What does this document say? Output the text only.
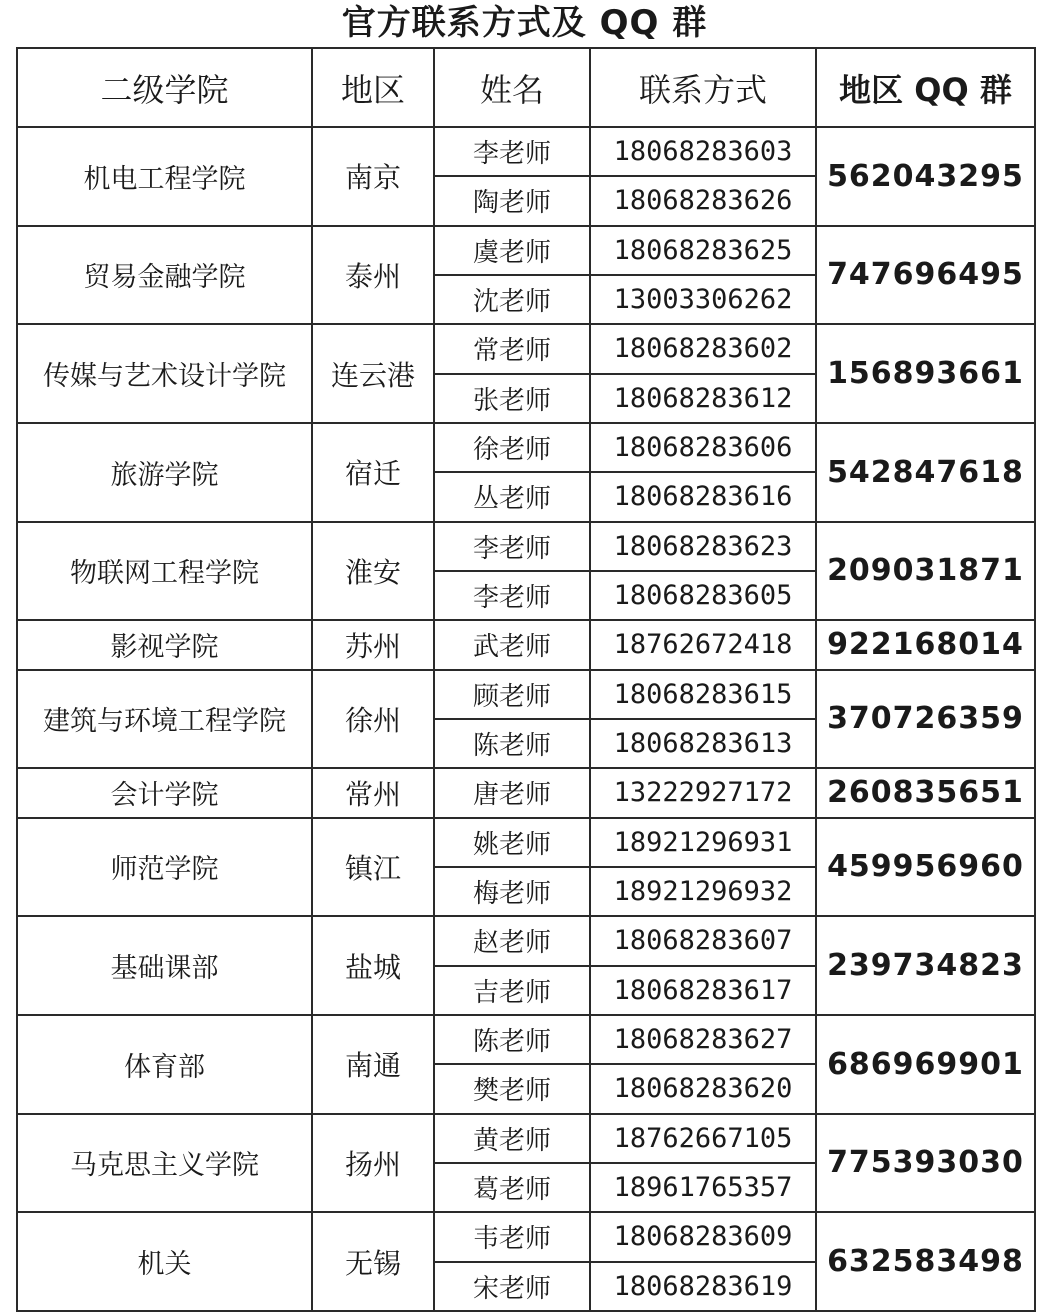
官方联系方式及 QQ 群
二级学院	地区	姓名	联系方式	地区 QQ 群
机电工程学院	南京	李老师	18068283603	562043295
		陶老师	18068283626	
贸易金融学院	泰州	虞老师	18068283625	747696495
		沈老师	13003306262	
传媒与艺术设计学院	连云港	常老师	18068283602	156893661
		张老师	18068283612	
旅游学院	宿迁	徐老师	18068283606	542847618
		丛老师	18068283616	
物联网工程学院	淮安	李老师	18068283623	209031871
		李老师	18068283605	
影视学院	苏州	武老师	18762672418	922168014
建筑与环境工程学院	徐州	顾老师	18068283615	370726359
		陈老师	18068283613	
会计学院	常州	唐老师	13222927172	260835651
师范学院	镇江	姚老师	18921296931	459956960
		梅老师	18921296932	
基础课部	盐城	赵老师	18068283607	239734823
		吉老师	18068283617	
体育部	南通	陈老师	18068283627	686969901
		樊老师	18068283620	
马克思主义学院	扬州	黄老师	18762667105	775393030
		葛老师	18961765357	
机关	无锡	韦老师	18068283609	632583498
		宋老师	18068283619	
